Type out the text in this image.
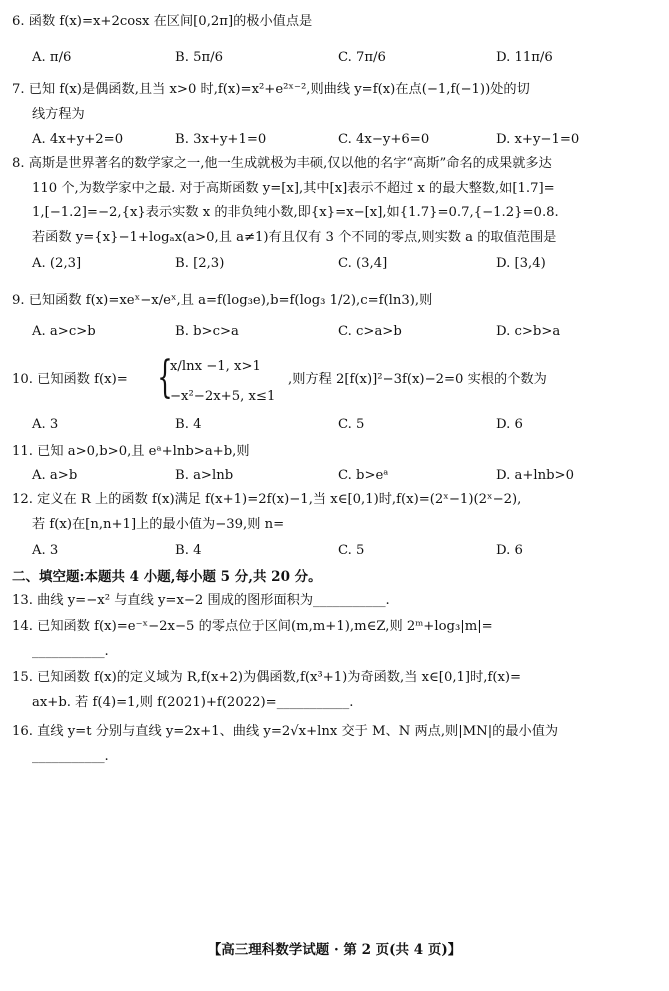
6. 函数 f(x)=x+2cosx 在区间[0,2π]的极小值点是
A. π/6	B. 5π/6	C. 7π/6	D. 11π/6
7. 已知 f(x)是偶函数,且当 x>0 时,f(x)=x²+e²ˣ⁻²,则曲线 y=f(x)在点(−1,f(−1))处的切
线方程为
A. 4x+y+2=0	B. 3x+y+1=0	C. 4x−y+6=0	D. x+y−1=0
8. 高斯是世界著名的数学家之一,他一生成就极为丰硕,仅以他的名字“高斯”命名的成果就多达
110 个,为数学家中之最. 对于高斯函数 y=[x],其中[x]表示不超过 x 的最大整数,如[1.7]=
1,[−1.2]=−2,{x}表示实数 x 的非负纯小数,即{x}=x−[x],如{1.7}=0.7,{−1.2}=0.8.
若函数 y={x}−1+logₐx(a>0,且 a≠1)有且仅有 3 个不同的零点,则实数 a 的取值范围是
A. (2,3]	B. [2,3)	C. (3,4]	D. [3,4)
9. 已知函数 f(x)=xeˣ−x/eˣ,且 a=f(log₃e),b=f(log₃ 1/2),c=f(ln3),则
A. a>c>b	B. b>c>a	C. c>a>b	D. c>b>a
10. 已知函数 f(x)= {
x/lnx −1, x>1
−x²−2x+5, x≤1
,则方程 2[f(x)]²−3f(x)−2=0 实根的个数为
A. 3	B. 4	C. 5	D. 6
11. 已知 a>0,b>0,且 eᵃ+lnb>a+b,则
A. a>b	B. a>lnb	C. b>eᵃ	D. a+lnb>0
12. 定义在 R 上的函数 f(x)满足 f(x+1)=2f(x)−1,当 x∈[0,1)时,f(x)=(2ˣ−1)(2ˣ−2),
若 f(x)在[n,n+1]上的最小值为−39,则 n=
A. 3	B. 4	C. 5	D. 6
二、填空题:本题共 4 小题,每小题 5 分,共 20 分。
13. 曲线 y=−x² 与直线 y=x−2 围成的图形面积为___________.
14. 已知函数 f(x)=e⁻ˣ−2x−5 的零点位于区间(m,m+1),m∈Z,则 2ᵐ+log₃|m|=
___________.
15. 已知函数 f(x)的定义域为 R,f(x+2)为偶函数,f(x³+1)为奇函数,当 x∈[0,1]时,f(x)=
ax+b. 若 f(4)=1,则 f(2021)+f(2022)=___________.
16. 直线 y=t 分别与直线 y=2x+1、曲线 y=2√x+lnx 交于 M、N 两点,则|MN|的最小值为
___________.
【高三理科数学试题 · 第 2 页(共 4 页)】
